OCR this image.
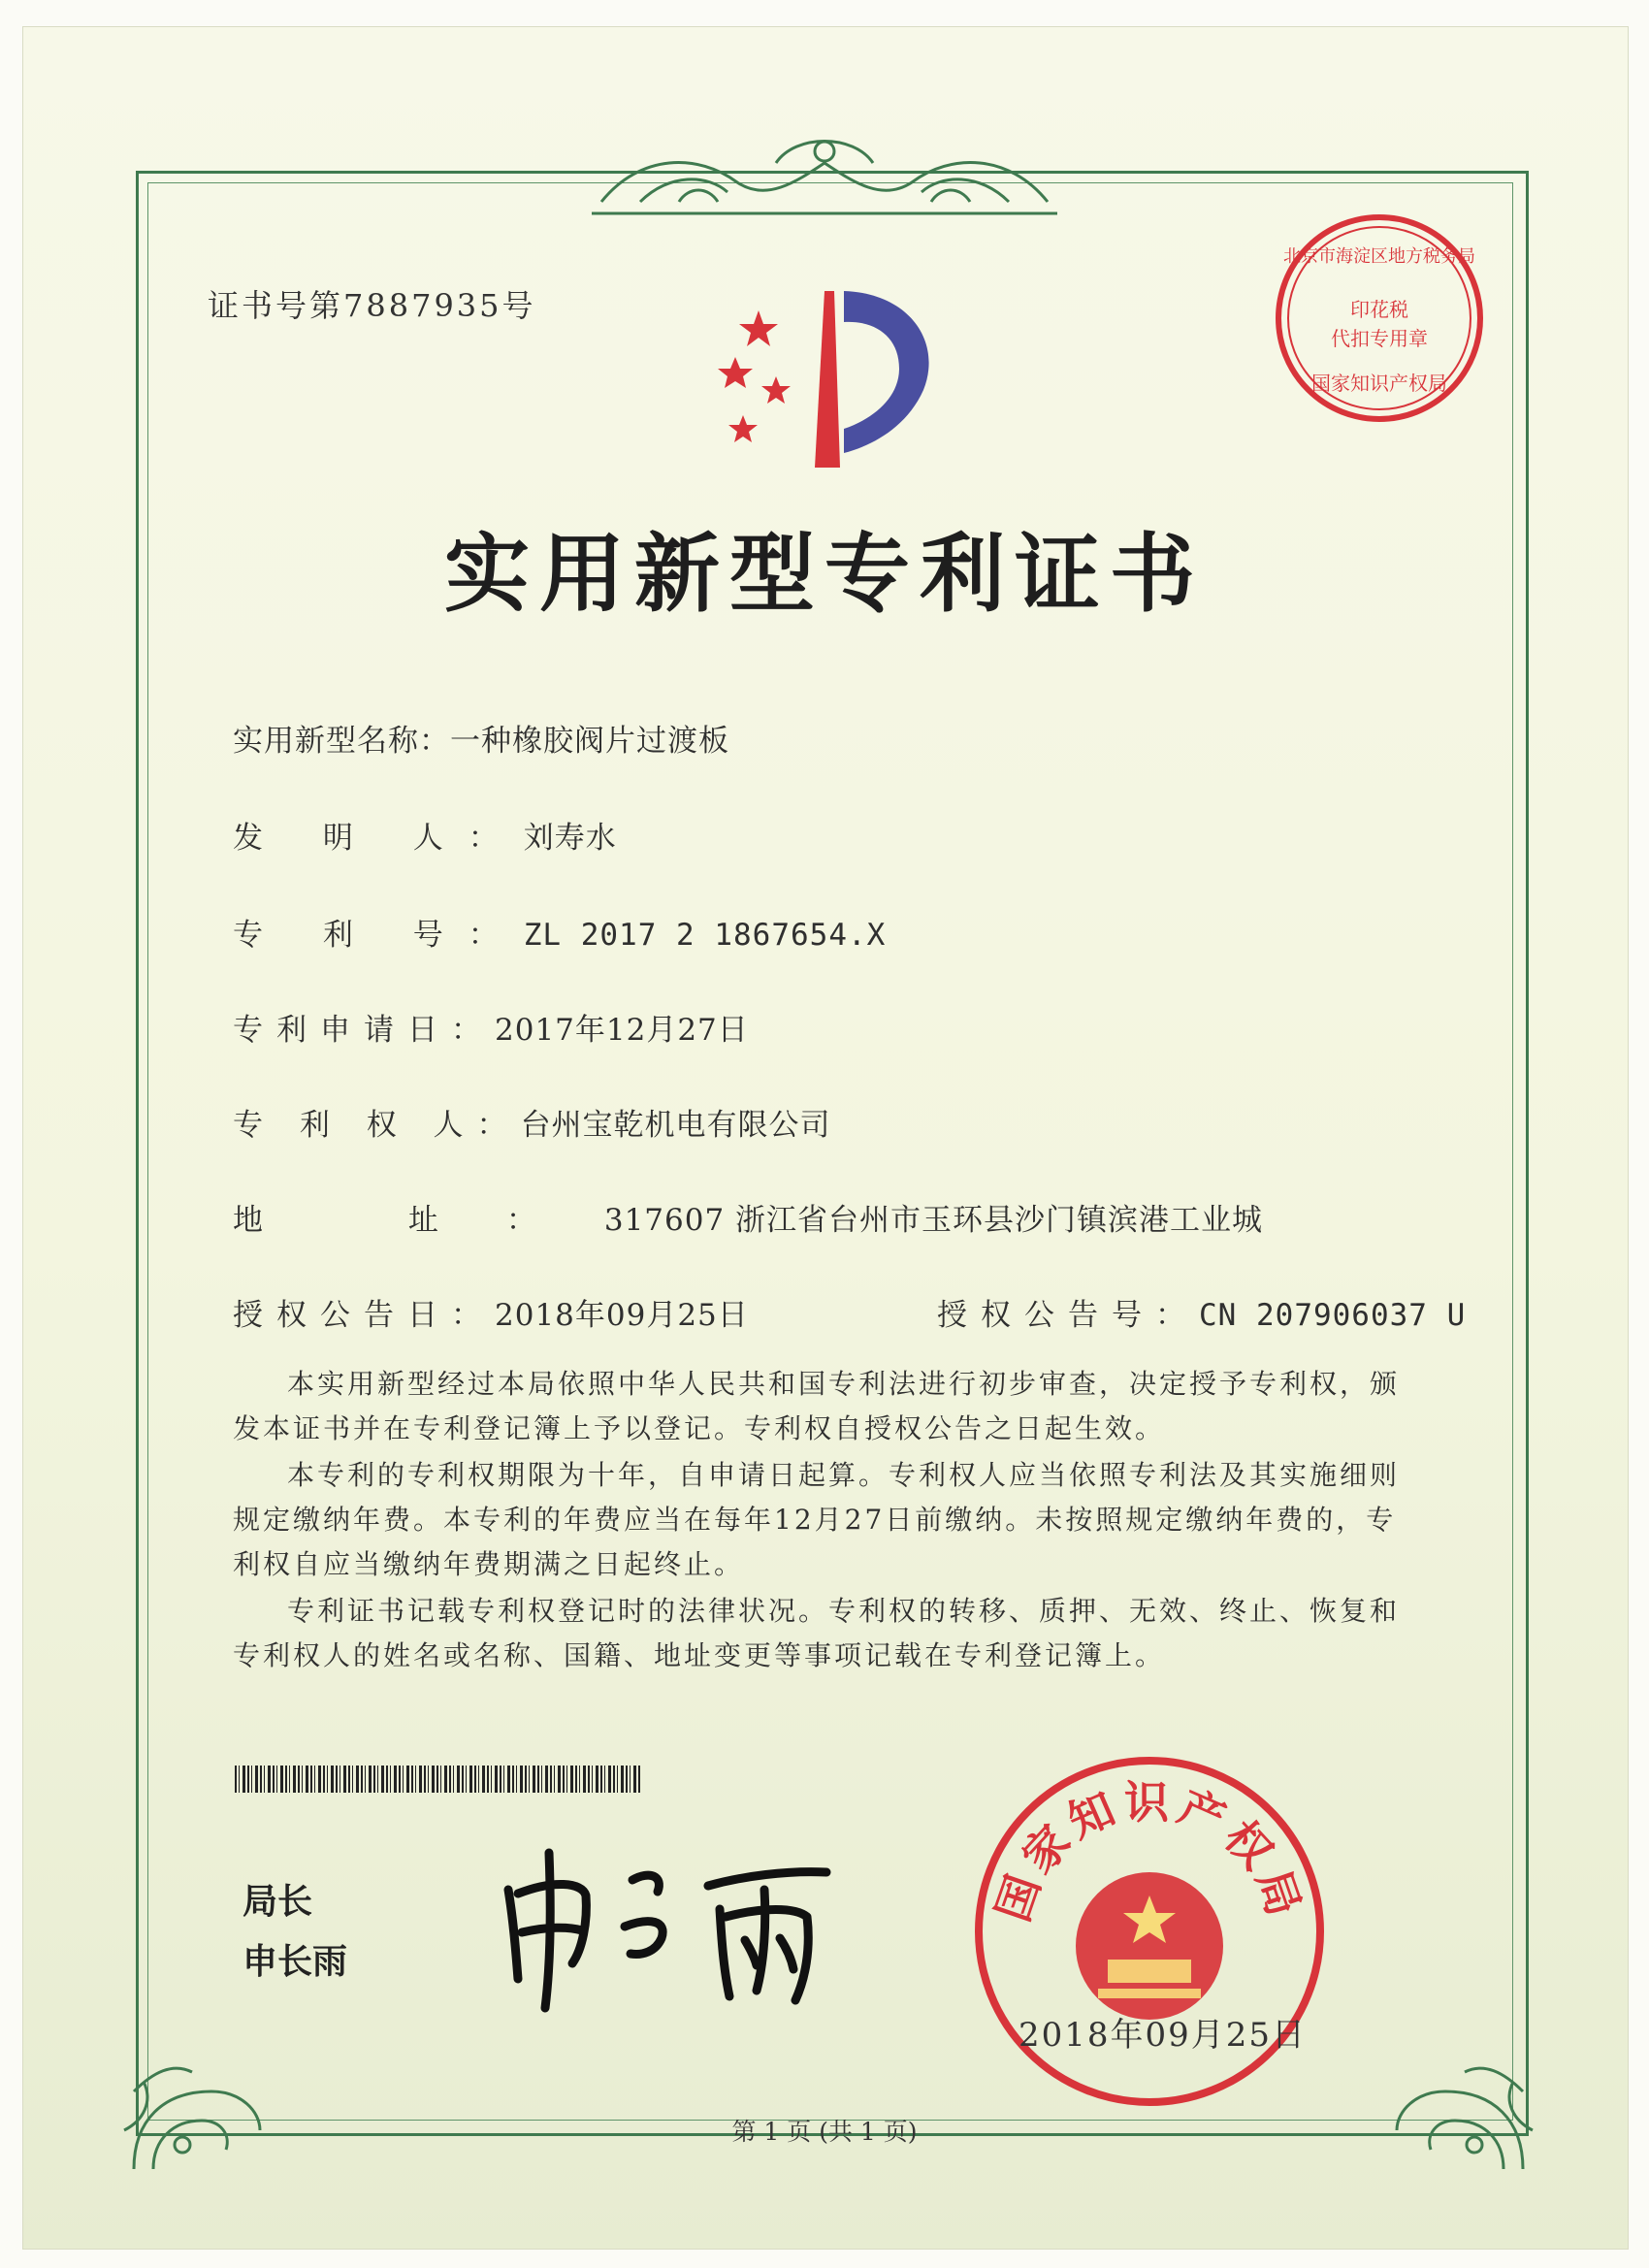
证书号第7887935号
北京市海淀区地方税务局
印花税
代扣专用章
国家知识产权局
实用新型专利证书
实用新型名称：一种橡胶阀片过渡板
发 明 人：刘寿水
专 利 号：ZL 2017 2 1867654.X
专利申请日：2017年12月27日
专 利 权 人：台州宝乾机电有限公司
地 址：317607 浙江省台州市玉环县沙门镇滨港工业城
授权公告日：2018年09月25日	授权公告号：CN 207906037 U
本实用新型经过本局依照中华人民共和国专利法进行初步审查，决定授予专利权，颁发本证书并在专利登记簿上予以登记。专利权自授权公告之日起生效。
本专利的专利权期限为十年，自申请日起算。专利权人应当依照专利法及其实施细则规定缴纳年费。本专利的年费应当在每年12月27日前缴纳。未按照规定缴纳年费的，专利权自应当缴纳年费期满之日起终止。
专利证书记载专利权登记时的法律状况。专利权的转移、质押、无效、终止、恢复和专利权人的姓名或名称、国籍、地址变更等事项记载在专利登记簿上。
局长
申长雨
国家知识产权局
2018年09月25日
第 1 页 (共 1 页)
